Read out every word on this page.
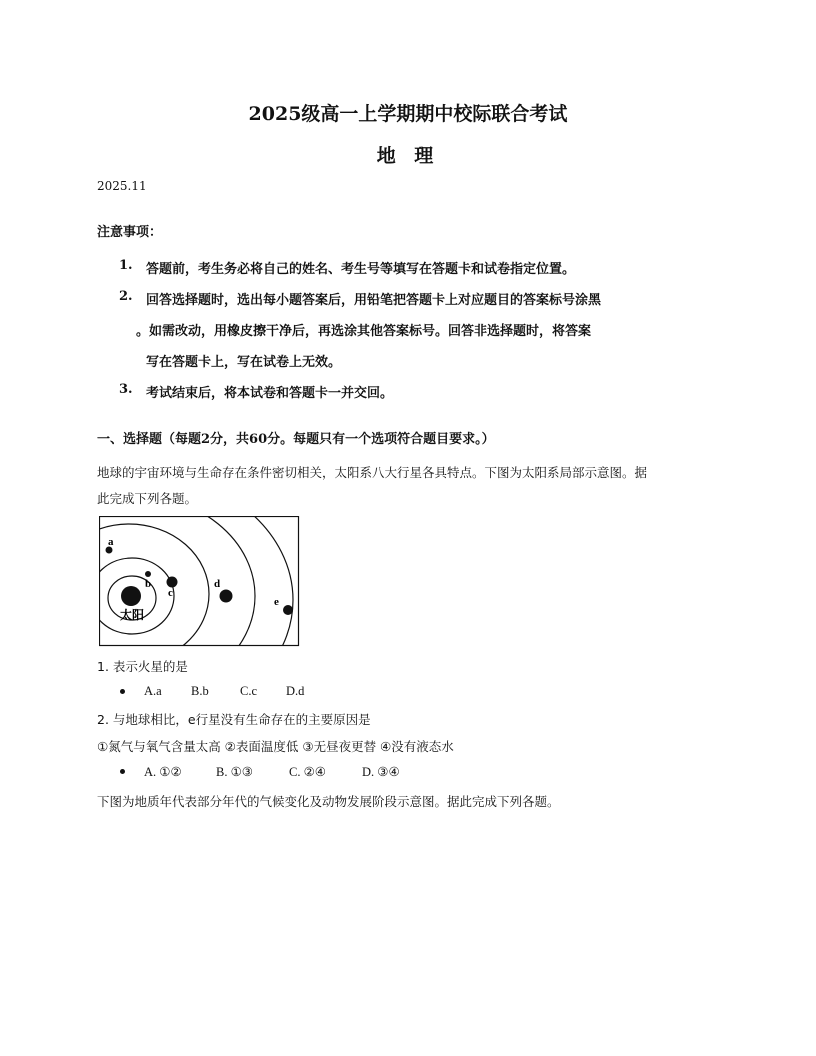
2025级高一上学期期中校际联合考试
地 理
2025.11
注意事项：
1. 答题前，考生务必将自己的姓名、考生号等填写在答题卡和试卷指定位置。
2. 回答选择题时，选出每小题答案后，用铅笔把答题卡上对应题目的答案标号涂黑
。如需改动，用橡皮擦干净后，再选涂其他答案标号。回答非选择题时，将答案
写在答题卡上，写在试卷上无效。
3. 考试结束后，将本试卷和答题卡一并交回。
一、选择题（每题2分，共60分。每题只有一个选项符合题目要求。）
地球的宇宙环境与生命存在条件密切相关，太阳系八大行星各具特点。下图为太阳系局部示意图。据
此完成下列各题。
a
b
c
d
e
太阳
1. 表示火星的是
A.a B.b	C.c D.d
2. 与地球相比，e行星没有生命存在的主要原因是
①氮气与氧气含量太高 ②表面温度低 ③无昼夜更替 ④没有液态水
A. ①②	B. ①③	C. ②④	D. ③④
下图为地质年代表部分年代的气候变化及动物发展阶段示意图。据此完成下列各题。
